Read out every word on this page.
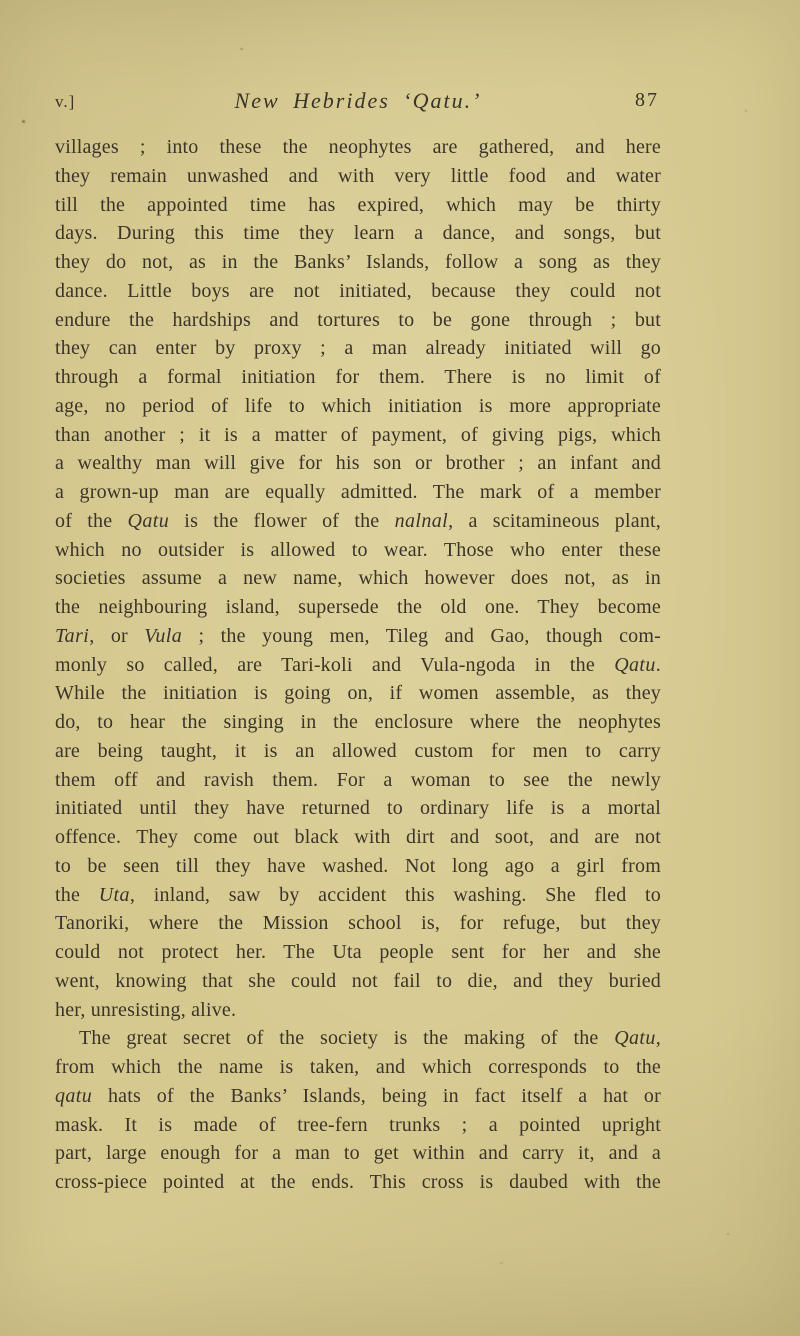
v.]	New Hebrides ‘Qatu.’	87
villages ; into these the neophytes are gathered, and here
they remain unwashed and with very little food and water
till the appointed time has expired, which may be thirty
days. During this time they learn a dance, and songs, but
they do not, as in the Banks’ Islands, follow a song as they
dance. Little boys are not initiated, because they could not
endure the hardships and tortures to be gone through ; but
they can enter by proxy ; a man already initiated will go
through a formal initiation for them. There is no limit of
age, no period of life to which initiation is more appropriate
than another ; it is a matter of payment, of giving pigs, which
a wealthy man will give for his son or brother ; an infant and
a grown-up man are equally admitted. The mark of a member
of the Qatu is the flower of the nalnal, a scitamineous plant,
which no outsider is allowed to wear. Those who enter these
societies assume a new name, which however does not, as in
the neighbouring island, supersede the old one. They become
Tari, or Vula ; the young men, Tileg and Gao, though com-
monly so called, are Tari-koli and Vula-ngoda in the Qatu.
While the initiation is going on, if women assemble, as they
do, to hear the singing in the enclosure where the neophytes
are being taught, it is an allowed custom for men to carry
them off and ravish them. For a woman to see the newly
initiated until they have returned to ordinary life is a mortal
offence. They come out black with dirt and soot, and are not
to be seen till they have washed. Not long ago a girl from
the Uta, inland, saw by accident this washing. She fled to
Tanoriki, where the Mission school is, for refuge, but they
could not protect her. The Uta people sent for her and she
went, knowing that she could not fail to die, and they buried
her, unresisting, alive.
The great secret of the society is the making of the Qatu,
from which the name is taken, and which corresponds to the
qatu hats of the Banks’ Islands, being in fact itself a hat or
mask. It is made of tree-fern trunks ; a pointed upright
part, large enough for a man to get within and carry it, and a
cross-piece pointed at the ends. This cross is daubed with the
